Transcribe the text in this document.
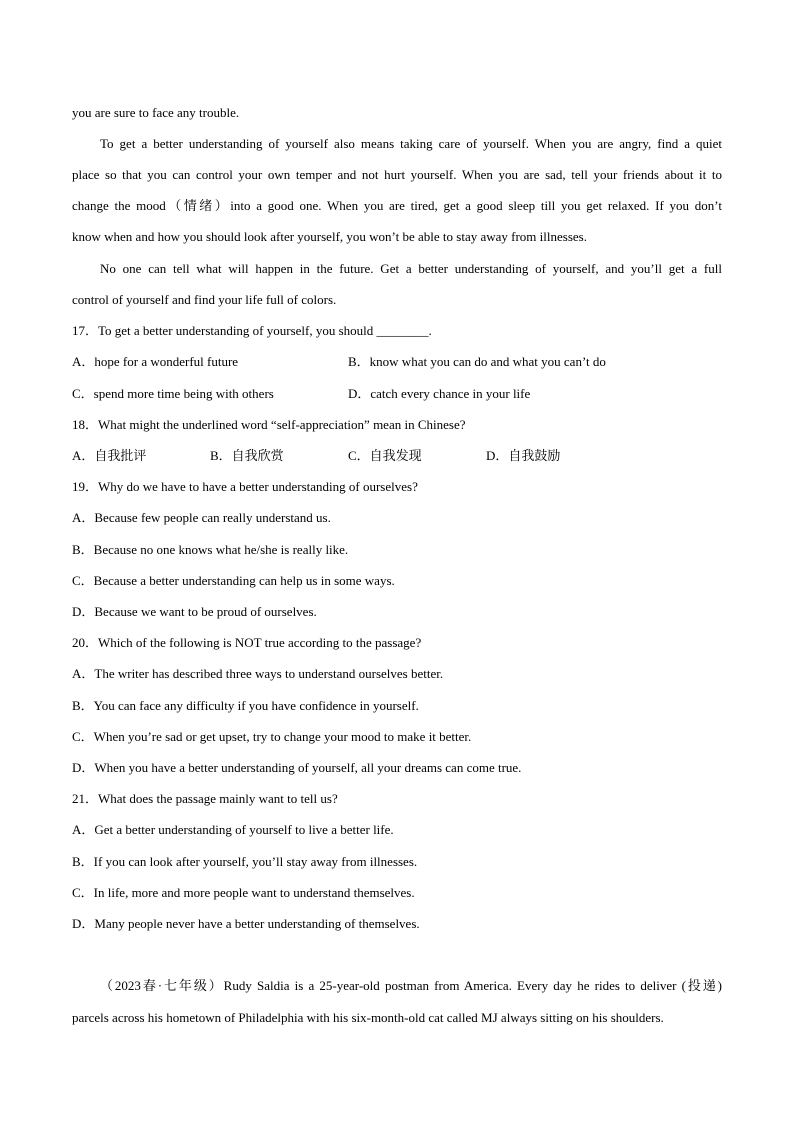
you are sure to face any trouble.
To get a better understanding of yourself also means taking care of yourself. When you are angry, find a quiet
place so that you can control your own temper and not hurt yourself. When you are sad, tell your friends about it to
change the mood（情绪）into a good one. When you are tired, get a good sleep till you get relaxed. If you don’t
know when and how you should look after yourself, you won’t be able to stay away from illnesses.
No one can tell what will happen in the future. Get a better understanding of yourself, and you’ll get a full
control of yourself and find your life full of colors.
17．To get a better understanding of yourself, you should ________.
A．hope for a wonderful future	B．know what you can do and what you can’t do
C．spend more time being with others	D．catch every chance in your life
18．What might the underlined word “self-appreciation” mean in Chinese?
A．自我批评	B．自我欣赏	C．自我发现	D．自我鼓励
19．Why do we have to have a better understanding of ourselves?
A．Because few people can really understand us.
B．Because no one knows what he/she is really like.
C．Because a better understanding can help us in some ways.
D．Because we want to be proud of ourselves.
20．Which of the following is NOT true according to the passage?
A．The writer has described three ways to understand ourselves better.
B．You can face any difficulty if you have confidence in yourself.
C．When you’re sad or get upset, try to change your mood to make it better.
D．When you have a better understanding of yourself, all your dreams can come true.
21．What does the passage mainly want to tell us?
A．Get a better understanding of yourself to live a better life.
B．If you can look after yourself, you’ll stay away from illnesses.
C．In life, more and more people want to understand themselves.
D．Many people never have a better understanding of themselves.
（2023春·七年级）Rudy Saldia is a 25-year-old postman from America. Every day he rides to deliver (投递)
parcels across his hometown of Philadelphia with his six-month-old cat called MJ always sitting on his shoulders.
